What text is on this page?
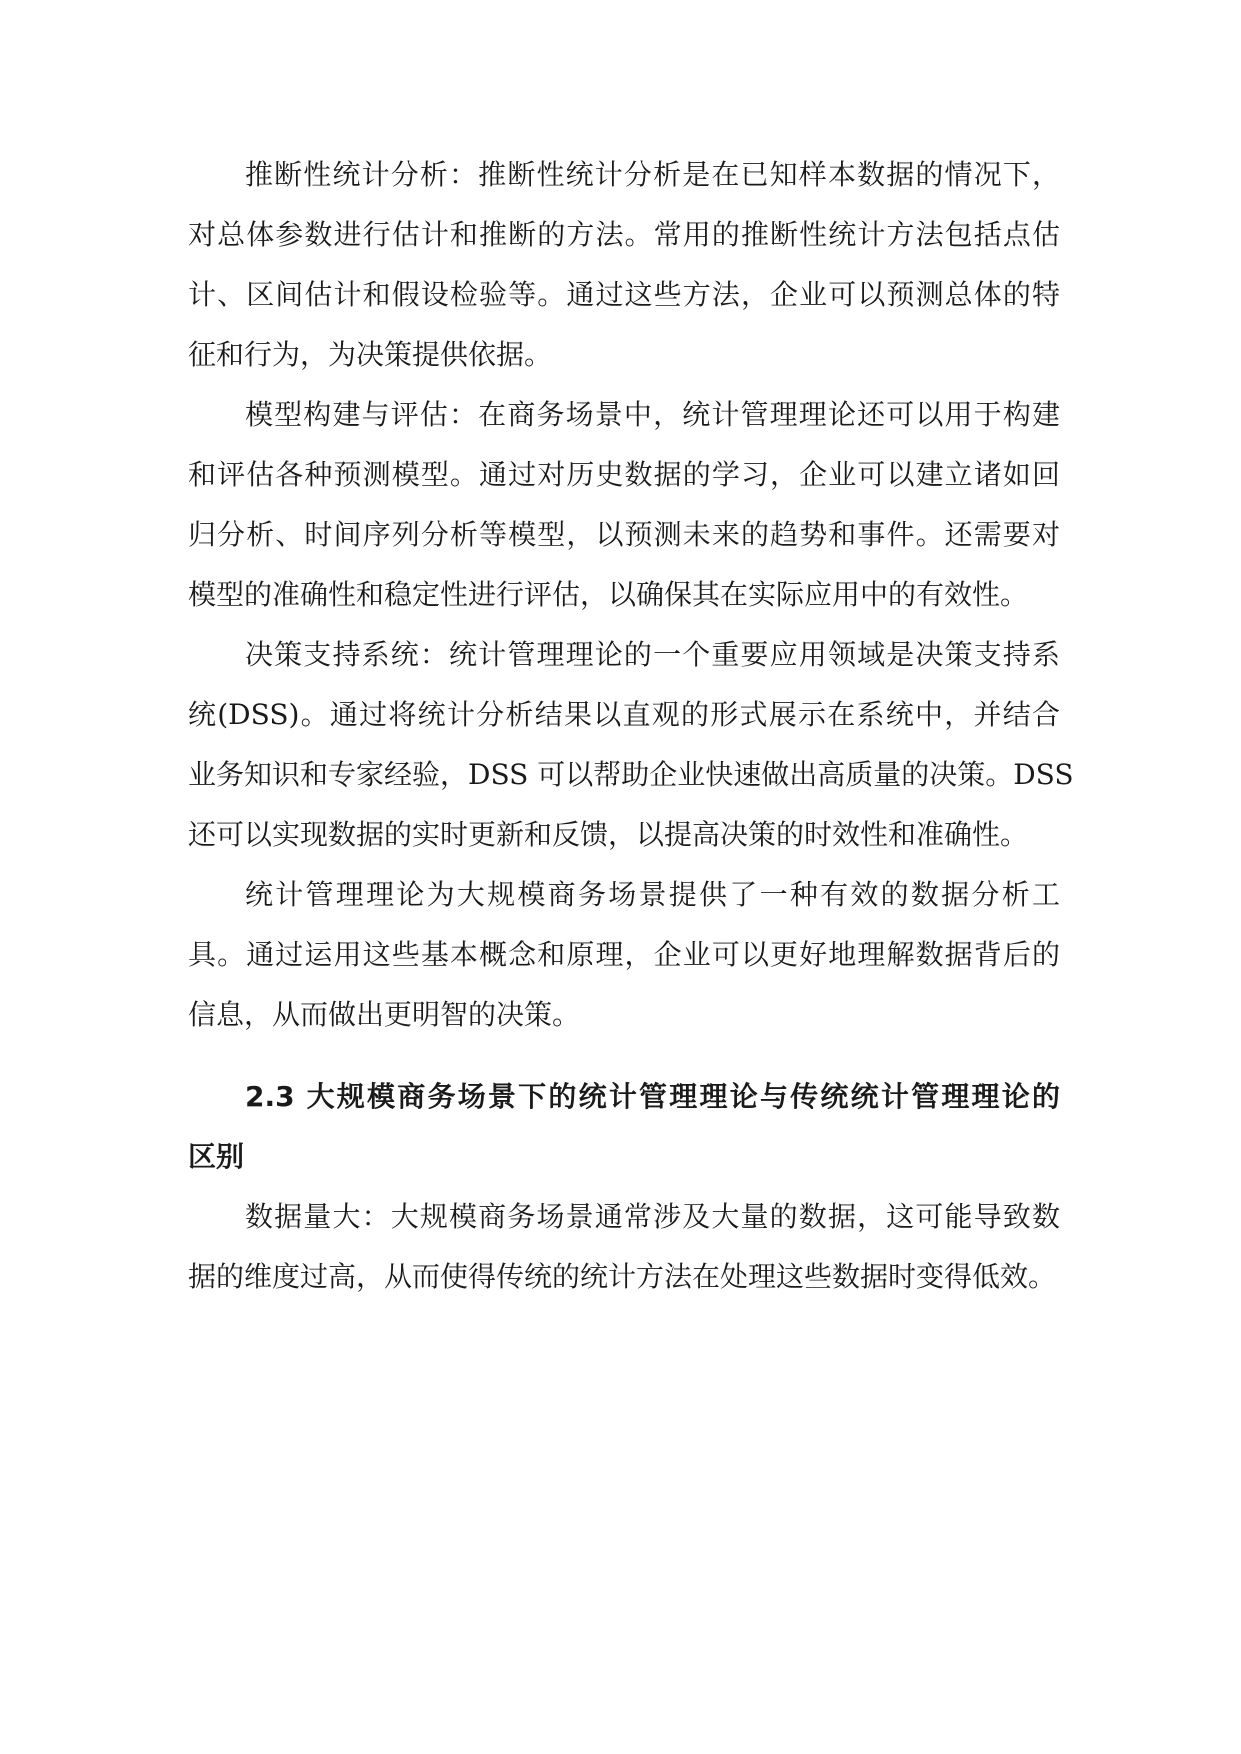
推断性统计分析：推断性统计分析是在已知样本数据的情况下，
对总体参数进行估计和推断的方法。常用的推断性统计方法包括点估
计、区间估计和假设检验等。通过这些方法，企业可以预测总体的特
征和行为，为决策提供依据。
模型构建与评估：在商务场景中，统计管理理论还可以用于构建
和评估各种预测模型。通过对历史数据的学习，企业可以建立诸如回
归分析、时间序列分析等模型，以预测未来的趋势和事件。还需要对
模型的准确性和稳定性进行评估，以确保其在实际应用中的有效性。
决策支持系统：统计管理理论的一个重要应用领域是决策支持系
统(DSS)。通过将统计分析结果以直观的形式展示在系统中，并结合
业务知识和专家经验，DSS 可以帮助企业快速做出高质量的决策。DSS
还可以实现数据的实时更新和反馈，以提高决策的时效性和准确性。
统计管理理论为大规模商务场景提供了一种有效的数据分析工
具。通过运用这些基本概念和原理，企业可以更好地理解数据背后的
信息，从而做出更明智的决策。
2.3 大规模商务场景下的统计管理理论与传统统计管理理论的
区别
数据量大：大规模商务场景通常涉及大量的数据，这可能导致数
据的维度过高，从而使得传统的统计方法在处理这些数据时变得低效。
